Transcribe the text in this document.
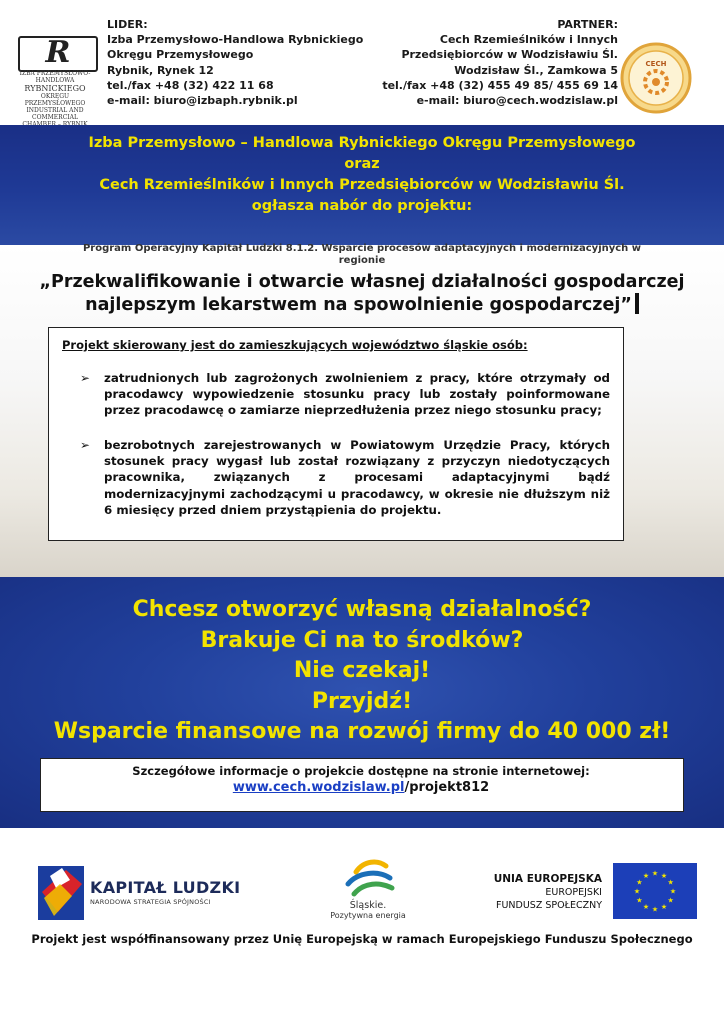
R
IZBA PRZEMYSŁOWO-HANDLOWA
RYBNICKIEGO
OKRĘGU PRZEMYSŁOWEGO
INDUSTRIAL AND COMMERCIAL
LIDER:
Izba Przemysłowo-Handlowa Rybnickiego
Okręgu Przemysłowego
Rybnik, Rynek 12
tel./fax +48 (32) 422 11 68
e-mail: biuro@izbaph.rybnik.pl
PARTNER:
Cech Rzemieślników i Innych
Przedsiębiorców w Wodzisławiu Śl.
Wodzisław Śl., Zamkowa 5
tel./fax +48 (32) 455 49 85/ 455 69 14
e-mail: biuro@cech.wodzislaw.pl
CECH
Izba Przemysłowo – Handlowa Rybnickiego Okręgu Przemysłowego
oraz
Cech Rzemieślników i Innych Przedsiębiorców w Wodzisławiu Śl.
ogłasza nabór do projektu:
Program Operacyjny Kapitał Ludzki 8.1.2. Wsparcie procesów adaptacyjnych i modernizacyjnych w
regionie
„Przekwalifikowanie i otwarcie własnej działalności gospodarczej
najlepszym lekarstwem na spowolnienie gospodarczej”
Projekt skierowany jest do zamieszkujących województwo śląskie osób:
➢ zatrudnionych lub zagrożonych zwolnieniem z pracy, które otrzymały od pracodawcy wypowiedzenie stosunku pracy lub zostały poinformowane przez pracodawcę o zamiarze nieprzedłużenia przez niego stosunku pracy;
➢ bezrobotnych zarejestrowanych w Powiatowym Urzędzie Pracy, których stosunek pracy wygasł lub został rozwiązany z przyczyn niedotyczących pracownika, związanych z procesami adaptacyjnymi bądź modernizacyjnymi zachodzącymi u pracodawcy, w okresie nie dłuższym niż 6 miesięcy przed dniem przystąpienia do projektu.
Chcesz otworzyć własną działalność?
Brakuje Ci na to środków?
Nie czekaj!
Przyjdź!
Wsparcie finansowe na rozwój firmy do 40 000 zł!
Szczegółowe informacje o projekcie dostępne na stronie internetowej:
www.cech.wodzislaw.pl/projekt812
KAPITAŁ LUDZKI
NARODOWA STRATEGIA SPÓJNOŚCI	Śląskie.
Pozytywna energia
UNIA EUROPEJSKA
EUROPEJSKI
FUNDUSZ SPOŁECZNY
★
★
★
★
★
★
★
★
★ ★ ★
★
Projekt jest współfinansowany przez Unię Europejską w ramach Europejskiego Funduszu Społecznego
